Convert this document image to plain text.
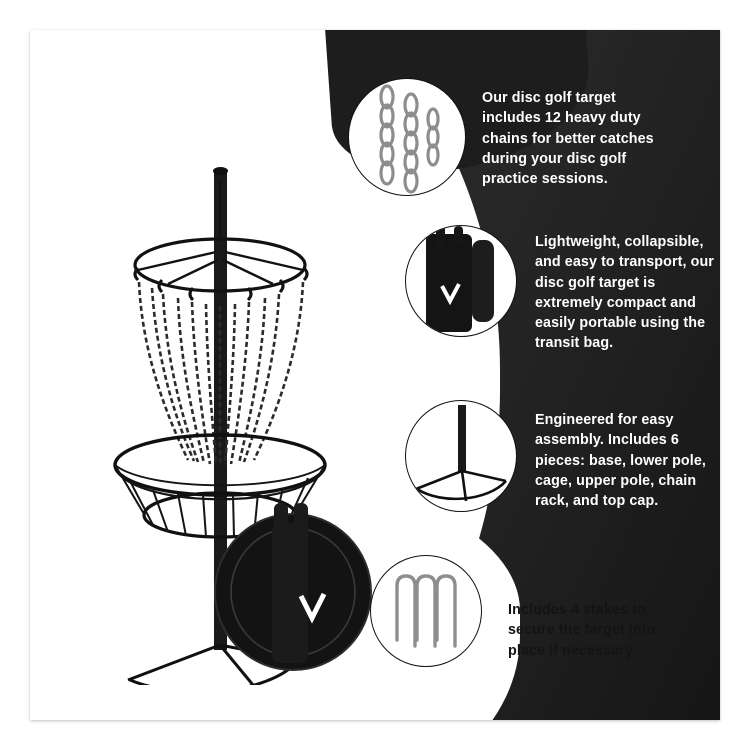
Our disc golf target includes 12 heavy duty chains for better catches during your disc golf practice sessions.
Lightweight, collapsible, and easy to transport, our disc golf target is extremely compact and easily portable using the transit bag.
Engineered for easy assembly. Includes 6 pieces: base, lower pole, cage, upper pole, chain rack, and top cap.
Includes 4 stakes to secure the target into place if necessary.
